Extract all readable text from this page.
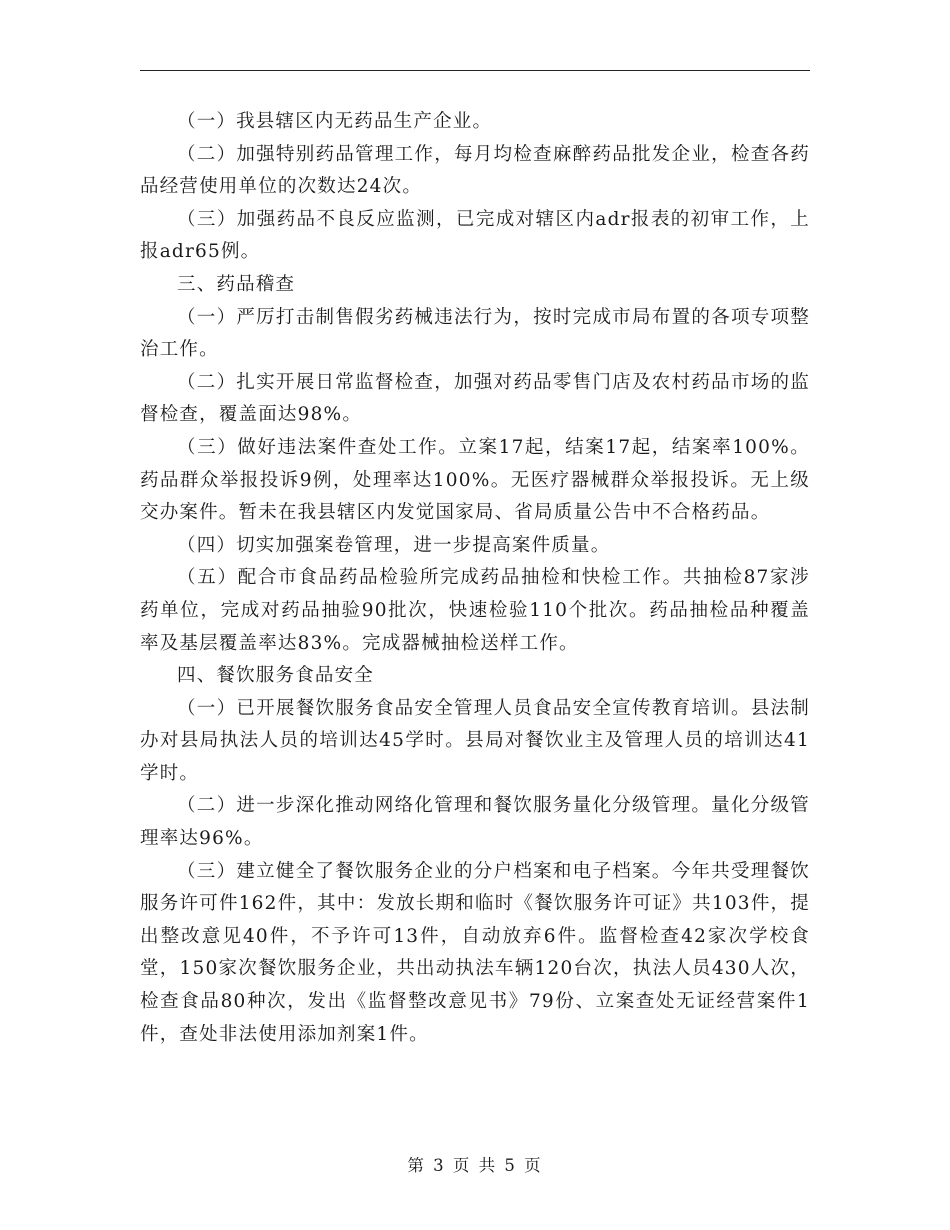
（一）我县辖区内无药品生产企业。

（二）加强特别药品管理工作，每月均检查麻醉药品批发企业，检查各药品经营使用单位的次数达24次。

（三）加强药品不良反应监测，已完成对辖区内adr报表的初审工作，上报adr65例。

三、药品稽查

（一）严厉打击制售假劣药械违法行为，按时完成市局布置的各项专项整治工作。

（二）扎实开展日常监督检查，加强对药品零售门店及农村药品市场的监督检查，覆盖面达98%。

（三）做好违法案件查处工作。立案17起，结案17起，结案率100%。药品群众举报投诉9例，处理率达100%。无医疗器械群众举报投诉。无上级交办案件。暂未在我县辖区内发觉国家局、省局质量公告中不合格药品。

（四）切实加强案卷管理，进一步提高案件质量。

（五）配合市食品药品检验所完成药品抽检和快检工作。共抽检87家涉药单位，完成对药品抽验90批次，快速检验110个批次。药品抽检品种覆盖率及基层覆盖率达83%。完成器械抽检送样工作。

四、餐饮服务食品安全

（一）已开展餐饮服务食品安全管理人员食品安全宣传教育培训。县法制办对县局执法人员的培训达45学时。县局对餐饮业主及管理人员的培训达41学时。

（二）进一步深化推动网络化管理和餐饮服务量化分级管理。量化分级管理率达96%。

（三）建立健全了餐饮服务企业的分户档案和电子档案。今年共受理餐饮服务许可件162件，其中：发放长期和临时《餐饮服务许可证》共103件，提出整改意见40件，不予许可13件，自动放弃6件。监督检查42家次学校食堂，150家次餐饮服务企业，共出动执法车辆120台次，执法人员430人次，检查食品80种次，发出《监督整改意见书》79份、立案查处无证经营案件1件，查处非法使用添加剂案1件。

第 3 页 共 5 页
